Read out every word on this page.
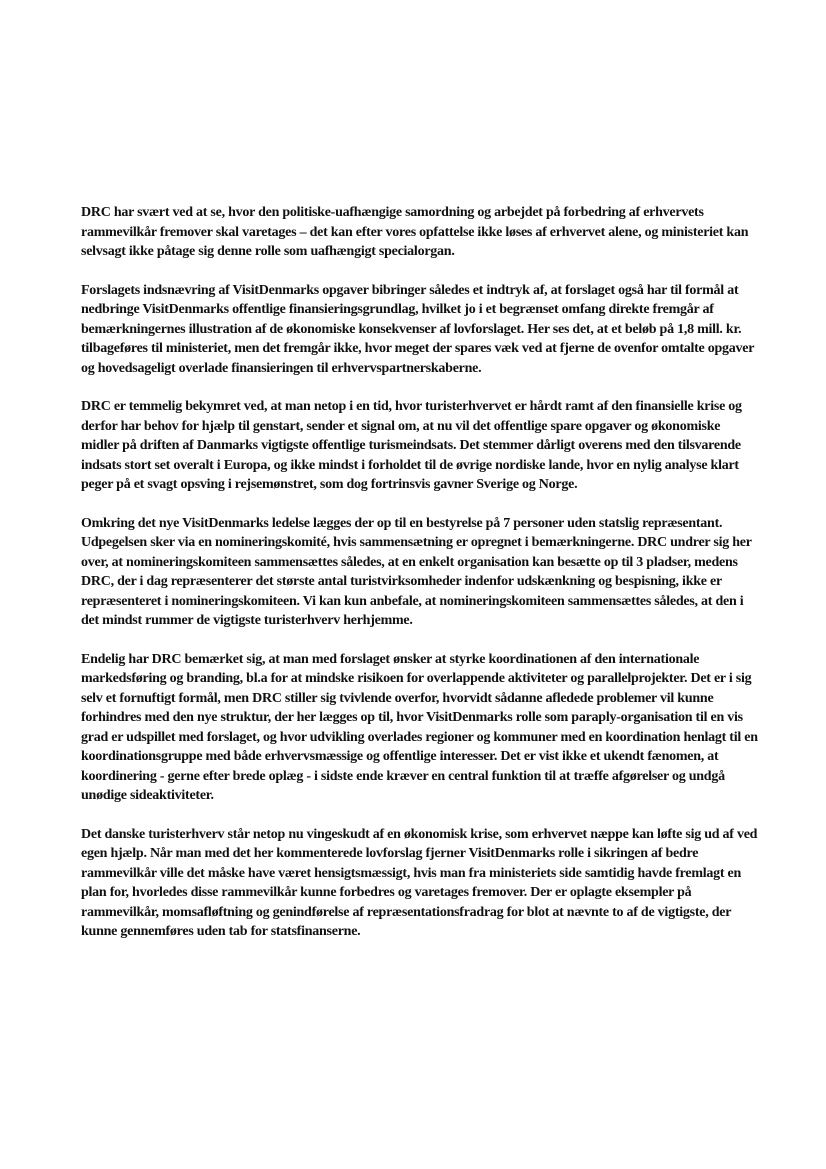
DRC har svært ved at se, hvor den politiske-uafhængige samordning og arbejdet på forbedring af erhvervets rammevilkår fremover skal varetages – det kan efter vores opfattelse ikke løses af erhvervet alene, og ministeriet kan selvsagt ikke påtage sig denne rolle som uafhængigt specialorgan.

Forslagets indsnævring af VisitDenmarks opgaver bibringer således et indtryk af, at forslaget også har til formål at nedbringe VisitDenmarks offentlige finansieringsgrundlag, hvilket jo i et begrænset omfang direkte fremgår af bemærkningernes illustration af de økonomiske konsekvenser af lovforslaget. Her ses det, at et beløb på 1,8 mill. kr. tilbageføres til ministeriet, men det fremgår ikke, hvor meget der spares væk ved at fjerne de ovenfor omtalte opgaver og hovedsageligt overlade finansieringen til erhvervspartnerskaberne.

DRC er temmelig bekymret ved, at man netop i en tid, hvor turisterhvervet er hårdt ramt af den finansielle krise og derfor har behov for hjælp til genstart, sender et signal om, at nu vil det offentlige spare opgaver og økonomiske midler på driften af Danmarks vigtigste offentlige turismeindsats. Det stemmer dårligt overens med den tilsvarende indsats stort set overalt i Europa, og ikke mindst i forholdet til de øvrige nordiske lande, hvor en nylig analyse klart peger på et svagt opsving i rejsemønstret, som dog fortrinsvis gavner Sverige og Norge.

Omkring det nye VisitDenmarks ledelse lægges der op til en bestyrelse på 7 personer uden statslig repræsentant. Udpegelsen sker via en nomineringskomité, hvis sammensætning er opregnet i bemærkningerne. DRC undrer sig her over, at nomineringskomiteen sammensættes således, at en enkelt organisation kan besætte op til 3 pladser, medens DRC, der i dag repræsenterer det største antal turistvirksomheder indenfor udskænkning og bespisning, ikke er repræsenteret i nomineringskomiteen. Vi kan kun anbefale, at nomineringskomiteen sammensættes således, at den i det mindst rummer de vigtigste turisterhverv herhjemme.

Endelig har DRC bemærket sig, at man med forslaget ønsker at styrke koordinationen af den internationale markedsføring og branding, bl.a for at mindske risikoen for overlappende aktiviteter og parallelprojekter. Det er i sig selv et fornuftigt formål, men DRC stiller sig tvivlende overfor, hvorvidt sådanne afledede problemer vil kunne forhindres med den nye struktur, der her lægges op til, hvor VisitDenmarks rolle som paraply-organisation til en vis grad er udspillet med forslaget, og hvor udvikling overlades regioner og kommuner med en koordination henlagt til en koordinationsgruppe med både erhvervsmæssige og offentlige interesser. Det er vist ikke et ukendt fænomen, at koordinering - gerne efter brede oplæg - i sidste ende kræver en central funktion til at træffe afgørelser og undgå unødige sideaktiviteter.

Det danske turisterhverv står netop nu vingeskudt af en økonomisk krise, som erhvervet næppe kan løfte sig ud af ved egen hjælp. Når man med det her kommenterede lovforslag fjerner VisitDenmarks rolle i sikringen af bedre rammevilkår ville det måske have været hensigtsmæssigt, hvis man fra ministeriets side samtidig havde fremlagt en plan for, hvorledes disse rammevilkår kunne forbedres og varetages fremover. Der er oplagte eksempler på rammevilkår, momsafløftning og genindførelse af repræsentationsfradrag for blot at nævnte to af de vigtigste, der kunne gennemføres uden tab for statsfinanserne.
